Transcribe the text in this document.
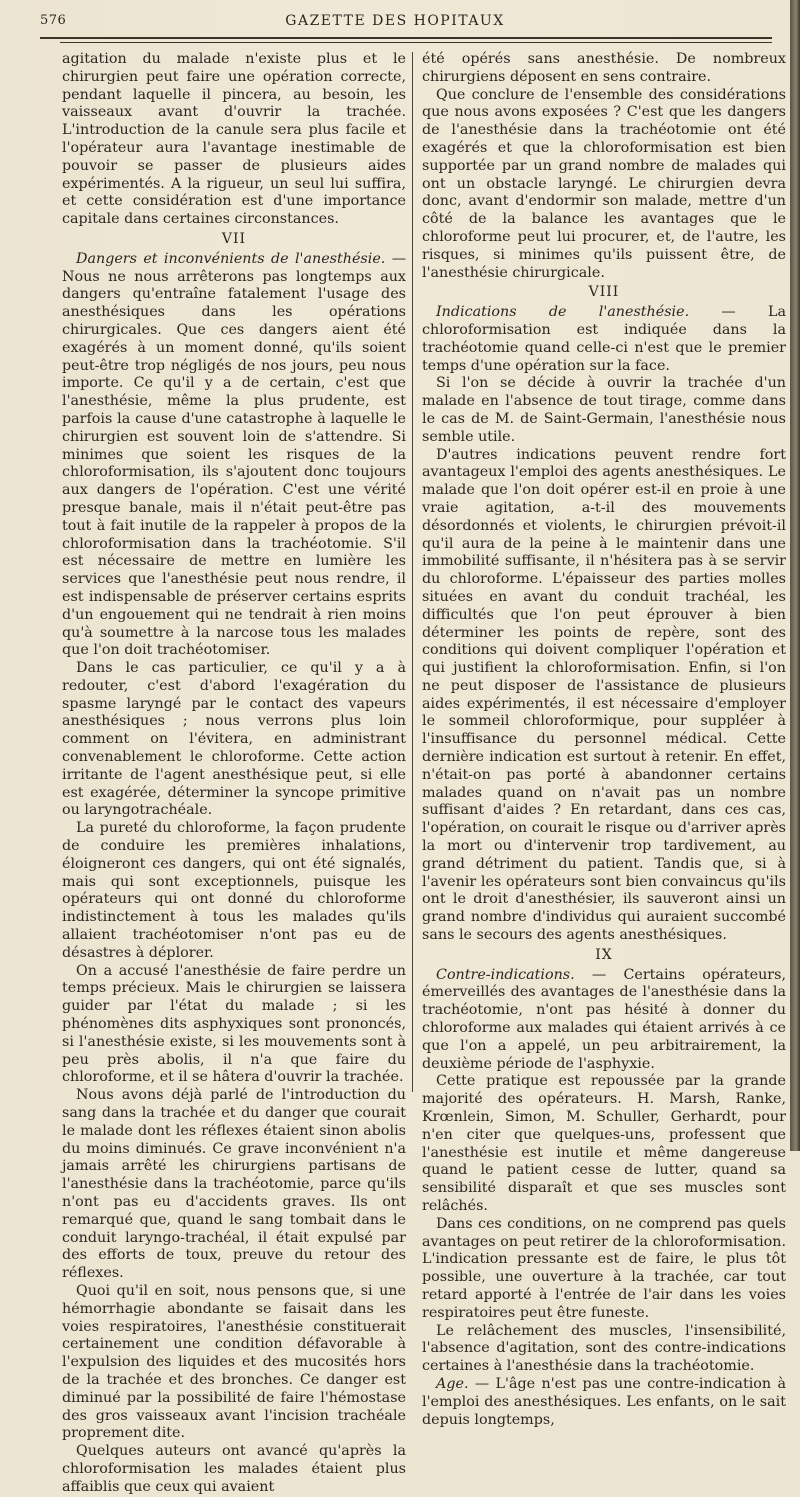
576	GAZETTE DES HOPITAUX

agitation du malade n'existe plus et le chirurgien peut faire une opération correcte, pendant laquelle il pincera, au besoin, les vaisseaux avant d'ouvrir la trachée. L'introduction de la canule sera plus facile et l'opérateur aura l'avantage inestimable de pouvoir se passer de plusieurs aides expérimentés. A la rigueur, un seul lui suffira, et cette considération est d'une importance capitale dans certaines circonstances.

VII

Dangers et inconvénients de l'anesthésie. — Nous ne nous arrêterons pas longtemps aux dangers qu'entraîne fatalement l'usage des anesthésiques dans les opérations chirurgicales. Que ces dangers aient été exagérés à un moment donné, qu'ils soient peut-être trop négligés de nos jours, peu nous importe. Ce qu'il y a de certain, c'est que l'anesthésie, même la plus prudente, est parfois la cause d'une catastrophe à laquelle le chirurgien est souvent loin de s'attendre. Si minimes que soient les risques de la chloroformisation, ils s'ajoutent donc toujours aux dangers de l'opération. C'est une vérité presque banale, mais il n'était peut-être pas tout à fait inutile de la rappeler à propos de la chloroformisation dans la trachéotomie. S'il est nécessaire de mettre en lumière les services que l'anesthésie peut nous rendre, il est indispensable de préserver certains esprits d'un engouement qui ne tendrait à rien moins qu'à soumettre à la narcose tous les malades que l'on doit trachéotomiser.

Dans le cas particulier, ce qu'il y a à redouter, c'est d'abord l'exagération du spasme laryngé par le contact des vapeurs anesthésiques ; nous verrons plus loin comment on l'évitera, en administrant convenablement le chloroforme. Cette action irritante de l'agent anesthésique peut, si elle est exagérée, déterminer la syncope primitive ou laryngotrachéale.

La pureté du chloroforme, la façon prudente de conduire les premières inhalations, éloigneront ces dangers, qui ont été signalés, mais qui sont exceptionnels, puisque les opérateurs qui ont donné du chloroforme indistinctement à tous les malades qu'ils allaient trachéotomiser n'ont pas eu de désastres à déplorer.

On a accusé l'anesthésie de faire perdre un temps précieux. Mais le chirurgien se laissera guider par l'état du malade ; si les phénomènes dits asphyxiques sont prononcés, si l'anesthésie existe, si les mouvements sont à peu près abolis, il n'a que faire du chloroforme, et il se hâtera d'ouvrir la trachée.

Nous avons déjà parlé de l'introduction du sang dans la trachée et du danger que courait le malade dont les réflexes étaient sinon abolis du moins diminués. Ce grave inconvénient n'a jamais arrêté les chirurgiens partisans de l'anesthésie dans la trachéotomie, parce qu'ils n'ont pas eu d'accidents graves. Ils ont remarqué que, quand le sang tombait dans le conduit laryngo-trachéal, il était expulsé par des efforts de toux, preuve du retour des réflexes.

Quoi qu'il en soit, nous pensons que, si une hémorrhagie abondante se faisait dans les voies respiratoires, l'anesthésie constituerait certainement une condition défavorable à l'expulsion des liquides et des mucosités hors de la trachée et des bronches. Ce danger est diminué par la possibilité de faire l'hémostase des gros vaisseaux avant l'incision trachéale proprement dite.

Quelques auteurs ont avancé qu'après la chloroformisation les malades étaient plus affaiblis que ceux qui avaient

été opérés sans anesthésie. De nombreux chirurgiens déposent en sens contraire.

Que conclure de l'ensemble des considérations que nous avons exposées ? C'est que les dangers de l'anesthésie dans la trachéotomie ont été exagérés et que la chloroformisation est bien supportée par un grand nombre de malades qui ont un obstacle laryngé. Le chirurgien devra donc, avant d'endormir son malade, mettre d'un côté de la balance les avantages que le chloroforme peut lui procurer, et, de l'autre, les risques, si minimes qu'ils puissent être, de l'anesthésie chirurgicale.

VIII

Indications de l'anesthésie. — La chloroformisation est indiquée dans la trachéotomie quand celle-ci n'est que le premier temps d'une opération sur la face.

Si l'on se décide à ouvrir la trachée d'un malade en l'absence de tout tirage, comme dans le cas de M. de Saint-Germain, l'anesthésie nous semble utile.

D'autres indications peuvent rendre fort avantageux l'emploi des agents anesthésiques. Le malade que l'on doit opérer est-il en proie à une vraie agitation, a-t-il des mouvements désordonnés et violents, le chirurgien prévoit-il qu'il aura de la peine à le maintenir dans une immobilité suffisante, il n'hésitera pas à se servir du chloroforme. L'épaisseur des parties molles situées en avant du conduit trachéal, les difficultés que l'on peut éprouver à bien déterminer les points de repère, sont des conditions qui doivent compliquer l'opération et qui justifient la chloroformisation. Enfin, si l'on ne peut disposer de l'assistance de plusieurs aides expérimentés, il est nécessaire d'employer le sommeil chloroformique, pour suppléer à l'insuffisance du personnel médical. Cette dernière indication est surtout à retenir. En effet, n'était-on pas porté à abandonner certains malades quand on n'avait pas un nombre suffisant d'aides ? En retardant, dans ces cas, l'opération, on courait le risque ou d'arriver après la mort ou d'intervenir trop tardivement, au grand détriment du patient. Tandis que, si à l'avenir les opérateurs sont bien convaincus qu'ils ont le droit d'anesthésier, ils sauveront ainsi un grand nombre d'individus qui auraient succombé sans le secours des agents anesthésiques.

IX

Contre-indications. — Certains opérateurs, émerveillés des avantages de l'anesthésie dans la trachéotomie, n'ont pas hésité à donner du chloroforme aux malades qui étaient arrivés à ce que l'on a appelé, un peu arbitrairement, la deuxième période de l'asphyxie.

Cette pratique est repoussée par la grande majorité des opérateurs. H. Marsh, Ranke, Krœnlein, Simon, M. Schuller, Gerhardt, pour n'en citer que quelques-uns, professent que l'anesthésie est inutile et même dangereuse quand le patient cesse de lutter, quand sa sensibilité disparaît et que ses muscles sont relâchés.

Dans ces conditions, on ne comprend pas quels avantages on peut retirer de la chloroformisation. L'indication pressante est de faire, le plus tôt possible, une ouverture à la trachée, car tout retard apporté à l'entrée de l'air dans les voies respiratoires peut être funeste.

Le relâchement des muscles, l'insensibilité, l'absence d'agitation, sont des contre-indications certaines à l'anesthésie dans la trachéotomie.

Age. — L'âge n'est pas une contre-indication à l'emploi des anesthésiques. Les enfants, on le sait depuis longtemps,
